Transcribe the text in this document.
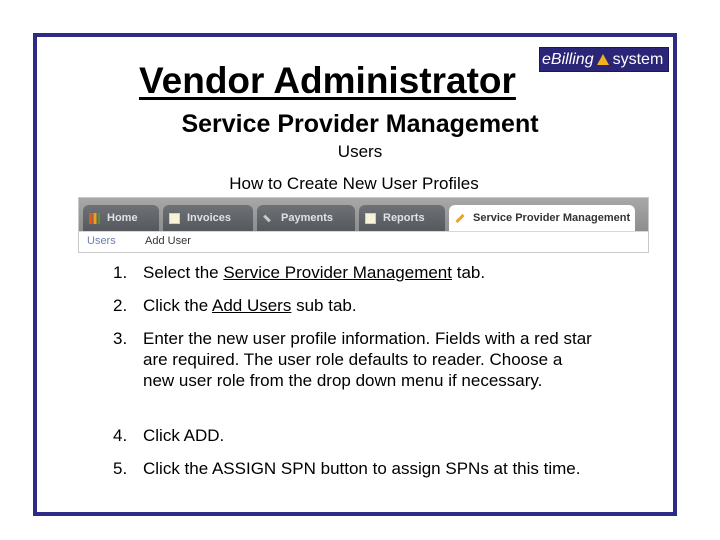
eBilling system
Vendor Administrator
Service Provider Management
Users
How to Create New User Profiles
Home	Invoices	Payments	Reports	Service Provider Management
Users	Add User
1. Select the Service Provider Management tab.
2. Click the Add Users sub tab.
3. Enter the new user profile information. Fields with a red star are required. The user role defaults to reader. Choose a new user role from the drop down menu if necessary.
4. Click ADD.
5. Click the ASSIGN SPN button to assign SPNs at this time.
